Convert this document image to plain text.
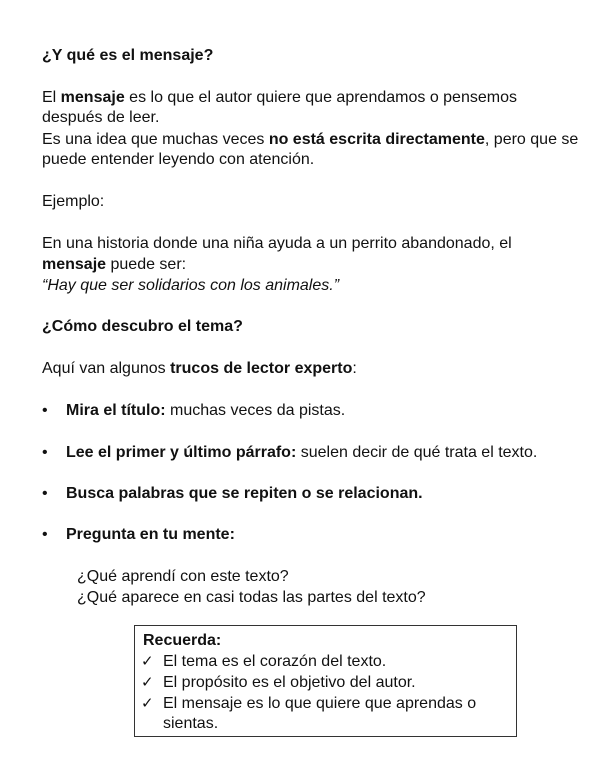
¿Y qué es el mensaje?
El mensaje es lo que el autor quiere que aprendamos o pensemos
después de leer.
Es una idea que muchas veces no está escrita directamente, pero que se
puede entender leyendo con atención.
Ejemplo:
En una historia donde una niña ayuda a un perrito abandonado, el
mensaje puede ser:
“Hay que ser solidarios con los animales.”
¿Cómo descubro el tema?
Aquí van algunos trucos de lector experto:
• Mira el título: muchas veces da pistas.
• Lee el primer y último párrafo: suelen decir de qué trata el texto.
• Busca palabras que se repiten o se relacionan.
• Pregunta en tu mente:
¿Qué aprendí con este texto?
¿Qué aparece en casi todas las partes del texto?
Recuerda:
✓ El tema es el corazón del texto.
✓ El propósito es el objetivo del autor.
✓ El mensaje es lo que quiere que aprendas o
sientas.
